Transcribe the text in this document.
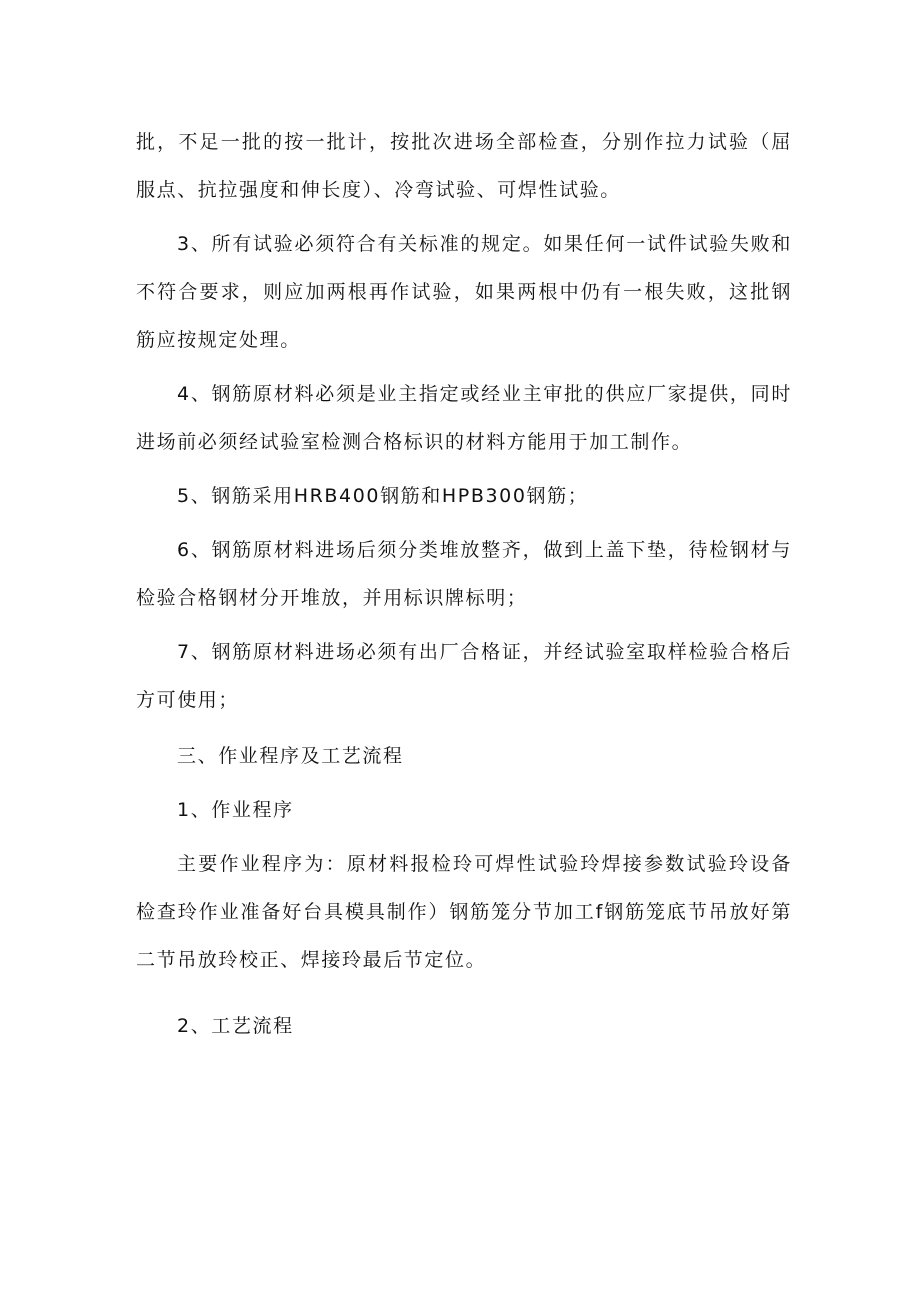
批，不足一批的按一批计，按批次进场全部检查，分别作拉力试验（屈服点、抗拉强度和伸长度）、冷弯试验、可焊性试验。

3、所有试验必须符合有关标准的规定。如果任何一试件试验失败和不符合要求，则应加两根再作试验，如果两根中仍有一根失败，这批钢筋应按规定处理。

4、钢筋原材料必须是业主指定或经业主审批的供应厂家提供，同时进场前必须经试验室检测合格标识的材料方能用于加工制作。

5、钢筋采用HRB400钢筋和HPB300钢筋；

6、钢筋原材料进场后须分类堆放整齐，做到上盖下垫，待检钢材与检验合格钢材分开堆放，并用标识牌标明；

7、钢筋原材料进场必须有出厂合格证，并经试验室取样检验合格后方可使用；

三、作业程序及工艺流程

1、作业程序

主要作业程序为：原材料报检玲可焊性试验玲焊接参数试验玲设备检查玲作业准备好台具模具制作）钢筋笼分节加工f钢筋笼底节吊放好第二节吊放玲校正、焊接玲最后节定位。

2、工艺流程
